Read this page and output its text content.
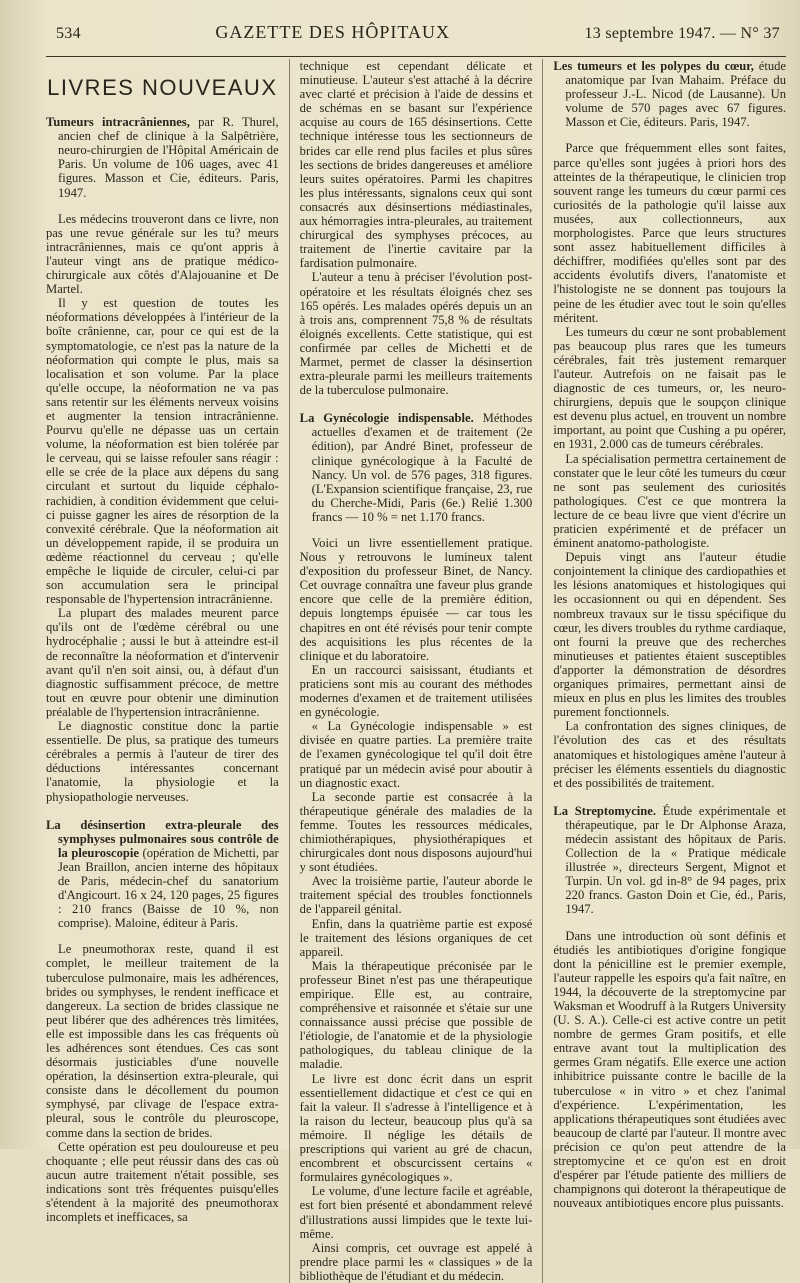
534	GAZETTE DES HÔPITAUX	13 septembre 1947. — N° 37
LIVRES NOUVEAUX

Tumeurs intracrâniennes, par R. Thurel, ancien chef de clinique à la Salpêtrière, neuro-chirurgien de l'Hôpital Américain de Paris. Un volume de 106 uages, avec 41 figures. Masson et Cie, éditeurs. Paris, 1947.

Les médecins trouveront dans ce livre, non pas une revue générale sur les tu? meurs intracrâniennes, mais ce qu'ont appris à l'auteur vingt ans de pratique médico-chirurgicale aux côtés d'Alajouanine et De Martel.

Il y est question de toutes les néoformations développées à l'intérieur de la boîte crânienne, car, pour ce qui est de la symptomatologie, ce n'est pas la nature de la néoformation qui compte le plus, mais sa localisation et son volume. Par la place qu'elle occupe, la néoformation ne va pas sans retentir sur les éléments nerveux voisins et augmenter la tension intracrânienne. Pourvu qu'elle ne dépasse uas un certain volume, la néoformation est bien tolérée par le cerveau, qui se laisse refouler sans réagir : elle se crée de la place aux dépens du sang circulant et surtout du liquide céphalo-rachidien, à condition évidemment que celui-ci puisse gagner les aires de résorption de la convexité cérébrale. Que la néoformation ait un développement rapide, il se produira un œdème réactionnel du cerveau ; qu'elle empêche le liquide de circuler, celui-ci par son accumulation sera le principal responsable de l'hypertension intracrânienne.

La plupart des malades meurent parce qu'ils ont de l'œdème cérébral ou une hydrocéphalie ; aussi le but à atteindre est-il de reconnaître la néoformation et d'intervenir avant qu'il n'en soit ainsi, ou, à défaut d'un diagnostic suffisamment précoce, de mettre tout en œuvre pour obtenir une diminution préalable de l'hypertension intracrânienne.

Le diagnostic constitue donc la partie essentielle. De plus, sa pratique des tumeurs cérébrales a permis à l'auteur de tirer des déductions intéressantes concernant l'anatomie, la physiologie et la physiopathologie nerveuses.

La désinsertion extra-pleurale des symphyses pulmonaires sous contrôle de la pleuroscopie (opération de Michetti, par Jean Braillon, ancien interne des hôpitaux de Paris, médecin-chef du sanatorium d'Angicourt. 16 x 24, 120 pages, 25 figures : 210 francs (Baisse de 10 %, non comprise). Maloine, éditeur à Paris.

Le pneumothorax reste, quand il est complet, le meilleur traitement de la tuberculose pulmonaire, mais les adhérences, brides ou symphyses, le rendent inefficace et dangereux. La section de brides classique ne peut libérer que des adhérences très limitées, elle est impossible dans les cas fréquents où les adhérences sont étendues. Ces cas sont désormais justiciables d'une nouvelle opération, la désinsertion extra-pleurale, qui consiste dans le décollement du poumon symphysé, par clivage de l'espace extra-pleural, sous le contrôle du pleuroscope, comme dans la section de brides.

Cette opération est peu douloureuse et peu choquante ; elle peut réussir dans des cas où aucun autre traitement n'était possible, ses indications sont très fréquentes puisqu'elles s'étendent à la majorité des pneumothorax incomplets et inefficaces, sa

technique est cependant délicate et minutieuse. L'auteur s'est attaché à la décrire avec clarté et précision à l'aide de dessins et de schémas en se basant sur l'expérience acquise au cours de 165 désinsertions. Cette technique intéresse tous les sectionneurs de brides car elle rend plus faciles et plus sûres les sections de brides dangereuses et améliore leurs suites opératoires. Parmi les chapitres les plus intéressants, signalons ceux qui sont consacrés aux désinsertions médiastinales, aux hémorragies intra-pleurales, au traitement chirurgical des symphyses précoces, au traitement de l'inertie cavitaire par la fardisation pulmonaire.

L'auteur a tenu à préciser l'évolution post-opératoire et les résultats éloignés chez ses 165 opérés. Les malades opérés depuis un an à trois ans, comprennent 75,8 % de résultats éloignés excellents. Cette statistique, qui est confirmée par celles de Michetti et de Marmet, permet de classer la désinsertion extra-pleurale parmi les meilleurs traitements de la tuberculose pulmonaire.

La Gynécologie indispensable. Méthodes actuelles d'examen et de traitement (2e édition), par André Binet, professeur de clinique gynécologique à la Faculté de Nancy. Un vol. de 576 pages, 318 figures. (L'Expansion scientifique française, 23, rue du Cherche-Midi, Paris (6e.) Relié 1.300 francs — 10 % = net 1.170 francs.

Voici un livre essentiellement pratique. Nous y retrouvons le lumineux talent d'exposition du professeur Binet, de Nancy. Cet ouvrage connaîtra une faveur plus grande encore que celle de la première édition, depuis longtemps épuisée — car tous les chapitres en ont été révisés pour tenir compte des acquisitions les plus récentes de la clinique et du laboratoire.

En un raccourci saisissant, étudiants et praticiens sont mis au courant des méthodes modernes d'examen et de traitement utilisées en gynécologie.

« La Gynécologie indispensable » est divisée en quatre parties. La première traite de l'examen gynécologique tel qu'il doit être pratiqué par un médecin avisé pour aboutir à un diagnostic exact.

La seconde partie est consacrée à la thérapeutique générale des maladies de la femme. Toutes les ressources médicales, chimiothérapiques, physiothérapiques et chirurgicales dont nous disposons aujourd'hui y sont étudiées.

Avec la troisième partie, l'auteur aborde le traitement spécial des troubles fonctionnels de l'appareil génital.

Enfin, dans la quatrième partie est exposé le traitement des lésions organiques de cet appareil.

Mais la thérapeutique préconisée par le professeur Binet n'est pas une thérapeutique empirique. Elle est, au contraire, compréhensive et raisonnée et s'étaie sur une connaissance aussi précise que possible de l'étiologie, de l'anatomie et de la physiologie pathologiques, du tableau clinique de la maladie.

Le livre est donc écrit dans un esprit essentiellement didactique et c'est ce qui en fait la valeur. Il s'adresse à l'intelligence et à la raison du lecteur, beaucoup plus qu'à sa mémoire. Il néglige les détails de prescriptions qui varient au gré de chacun, encombrent et obscurcissent certains « formulaires gynécologiques ».

Le volume, d'une lecture facile et agréable, est fort bien présenté et abondamment relevé d'illustrations aussi limpides que le texte lui-même.

Ainsi compris, cet ouvrage est appelé à prendre place parmi les « classiques » de la bibliothèque de l'étudiant et du médecin.

Les tumeurs et les polypes du cœur, étude anatomique par Ivan Mahaim. Préface du professeur J.-L. Nicod (de Lausanne). Un volume de 570 pages avec 67 figures. Masson et Cie, éditeurs. Paris, 1947.

Parce que fréquemment elles sont faites, parce qu'elles sont jugées à priori hors des atteintes de la thérapeutique, le clinicien trop souvent range les tumeurs du cœur parmi ces curiosités de la pathologie qu'il laisse aux musées, aux collectionneurs, aux morphologistes. Parce que leurs structures sont assez habituellement difficiles à déchiffrer, modifiées qu'elles sont par des accidents évolutifs divers, l'anatomiste et l'histologiste ne se donnent pas toujours la peine de les étudier avec tout le soin qu'elles méritent.

Les tumeurs du cœur ne sont probablement pas beaucoup plus rares que les tumeurs cérébrales, fait très justement remarquer l'auteur. Autrefois on ne faisait pas le diagnostic de ces tumeurs, or, les neuro-chirurgiens, depuis que le soupçon clinique est devenu plus actuel, en trouvent un nombre important, au point que Cushing a pu opérer, en 1931, 2.000 cas de tumeurs cérébrales.

La spécialisation permettra certainement de constater que le leur côté les tumeurs du cœur ne sont pas seulement des curiosités pathologiques. C'est ce que montrera la lecture de ce beau livre que vient d'écrire un praticien expérimenté et de préfacer un éminent anatomo-pathologiste.

Depuis vingt ans l'auteur étudie conjointement la clinique des cardiopathies et les lésions anatomiques et histologiques qui les occasionnent ou qui en dépendent. Ses nombreux travaux sur le tissu spécifique du cœur, les divers troubles du rythme cardiaque, ont fourni la preuve que des recherches minutieuses et patientes étaient susceptibles d'apporter la démonstration de désordres organiques primaires, permettant ainsi de mieux en plus en plus les limites des troubles purement fonctionnels.

La confrontation des signes cliniques, de l'évolution des cas et des résultats anatomiques et histologiques amène l'auteur à préciser les éléments essentiels du diagnostic et des possibilités de traitement.

La Streptomycine. Étude expérimentale et thérapeutique, par le Dr Alphonse Araza, médecin assistant des hôpitaux de Paris. Collection de la « Pratique médicale illustrée », directeurs Sergent, Mignot et Turpin. Un vol. gd in-8° de 94 pages, prix 220 francs. Gaston Doin et Cie, éd., Paris, 1947.

Dans une introduction où sont définis et étudiés les antibiotiques d'origine fongique dont la pénicilline est le premier exemple, l'auteur rappelle les espoirs qu'a fait naître, en 1944, la découverte de la streptomycine par Waksman et Woodruff à la Rutgers University (U. S. A.). Celle-ci est active contre un petit nombre de germes Gram positifs, et elle entrave avant tout la multiplication des germes Gram négatifs. Elle exerce une action inhibitrice puissante contre le bacille de la tuberculose « in vitro » et chez l'animal d'expérience. L'expérimentation, les applications thérapeutiques sont étudiées avec beaucoup de clarté par l'auteur. Il montre avec précision ce qu'on peut attendre de la streptomycine et ce qu'on est en droit d'espérer par l'étude patiente des milliers de champignons qui doteront la thérapeutique de nouveaux antibiotiques encore plus puissants.
